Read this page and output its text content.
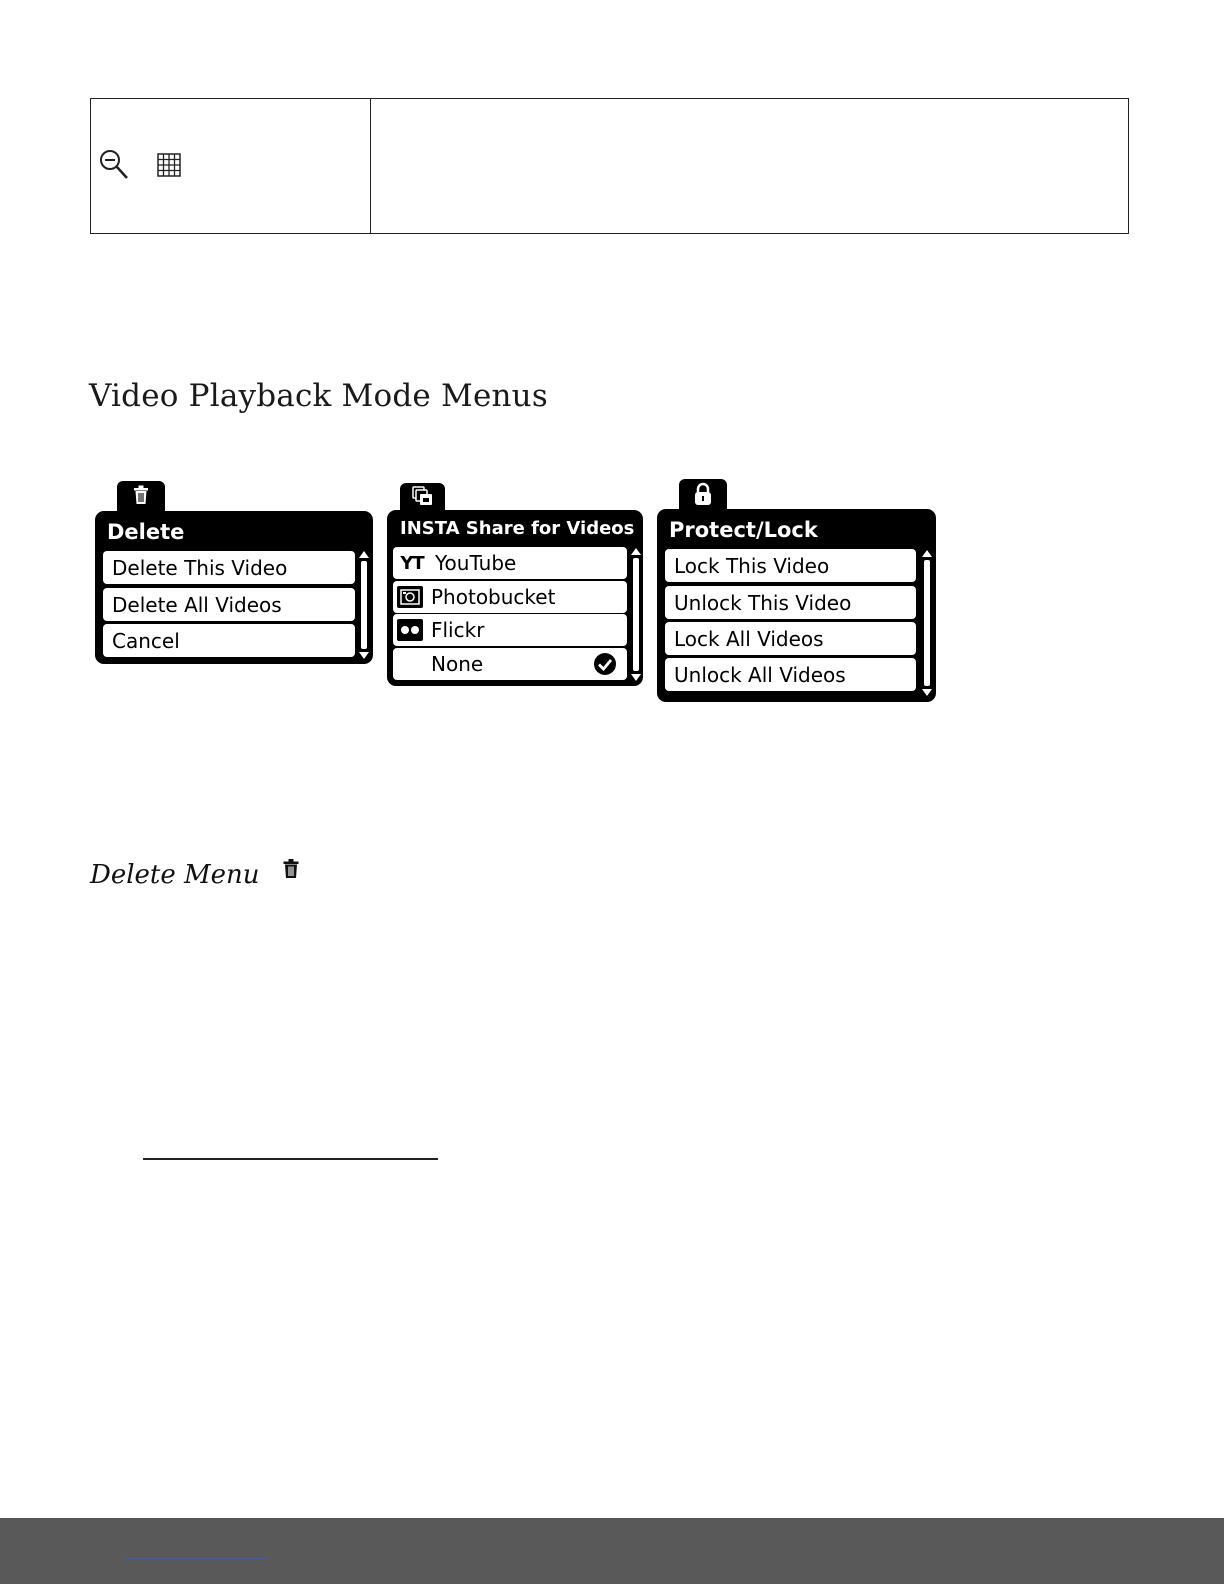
Video Playback Mode Menus
Delete
Delete This Video
Delete All Videos
Cancel
INSTA Share for Videos
YT YouTube
Photobucket
Flickr
None
Protect/Lock
Lock This Video
Unlock This Video
Lock All Videos
Unlock All Videos
Delete Menu
